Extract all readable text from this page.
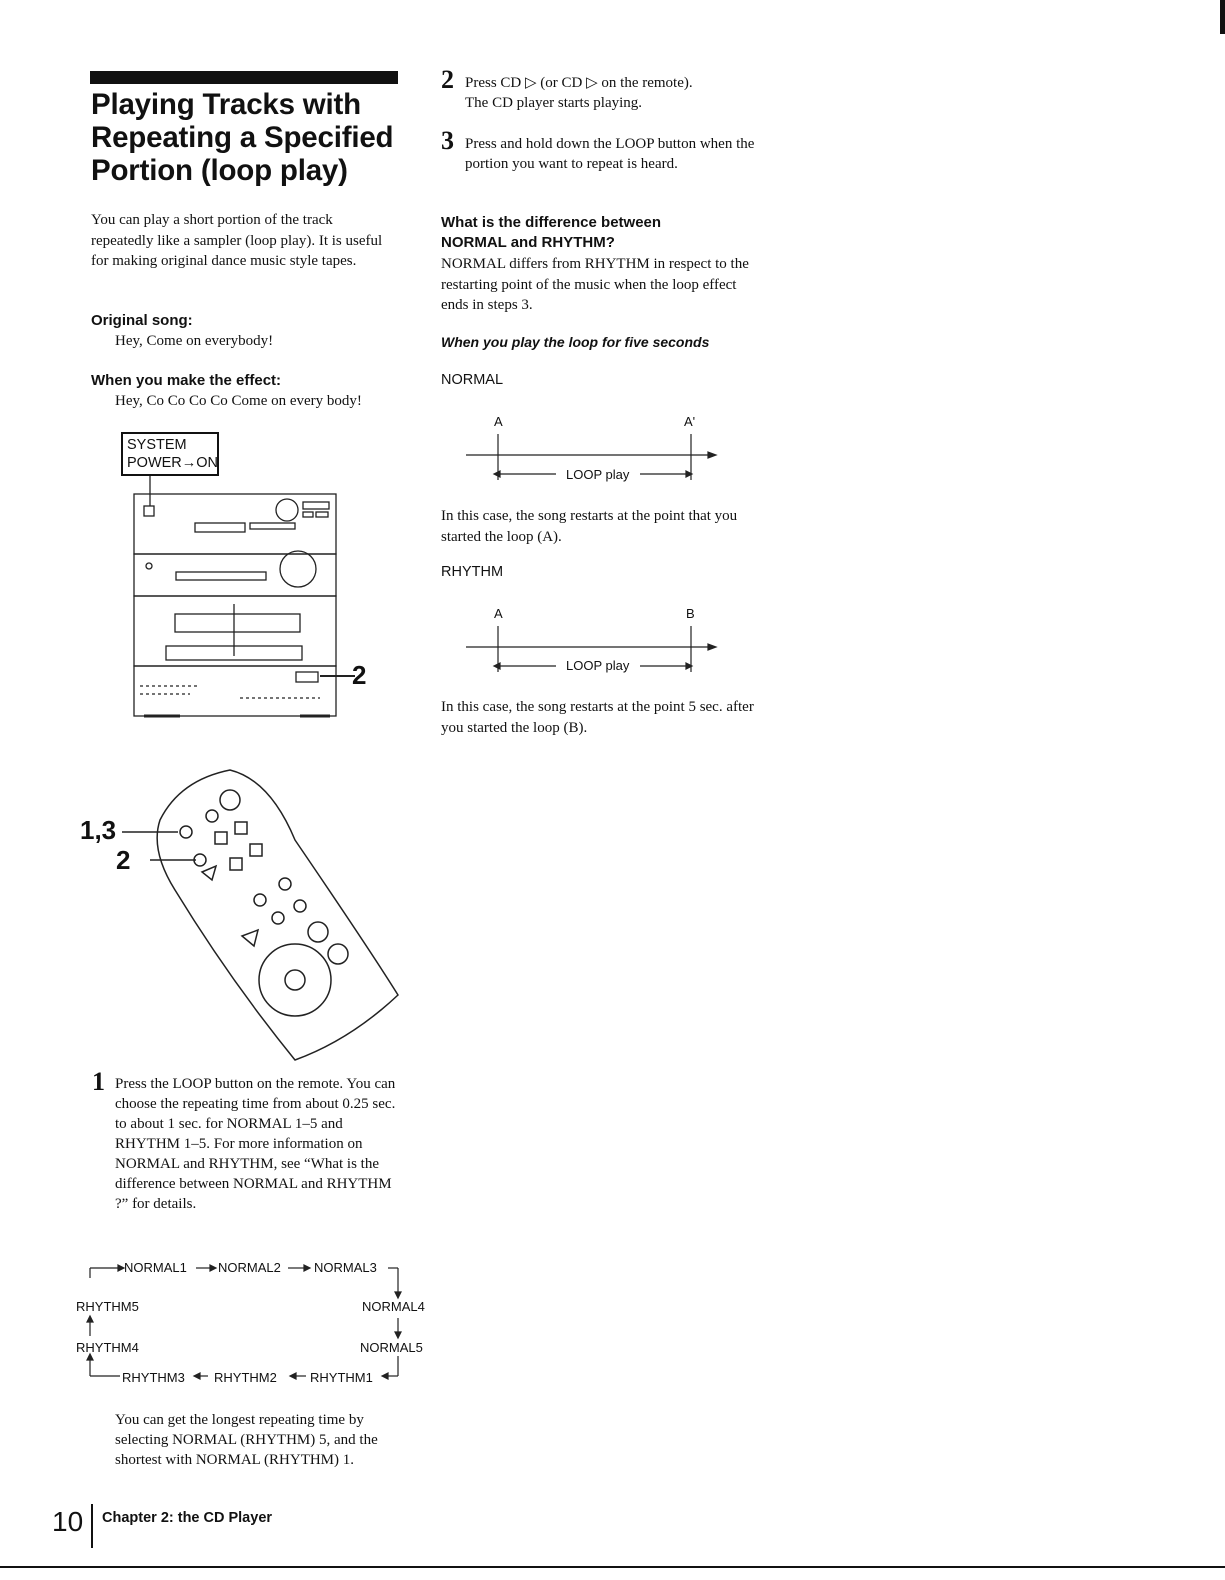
Playing Tracks with Repeating a Specified Portion (loop play)
You can play a short portion of the track repeatedly like a sampler (loop play). It is useful for making original dance music style tapes.
Original song:
Hey, Come on everybody!
When you make the effect:
Hey, Co Co Co Co Come on every body!
SYSTEM
POWER→ON
2
1,3
2
1 Press the LOOP button on the remote. You can choose the repeating time from about 0.25 sec. to about 1 sec. for NORMAL 1–5 and RHYTHM 1–5. For more information on NORMAL and RHYTHM, see “What is the difference between NORMAL and RHYTHM ?” for details.
NORMAL1 NORMAL2	NORMAL3
NORMAL4
NORMAL5
RHYTHM1
RHYTHM2
RHYTHM3
RHYTHM4
RHYTHM5
You can get the longest repeating time by selecting NORMAL (RHYTHM) 5, and the shortest with NORMAL (RHYTHM) 1.
2 Press CD ▷ (or CD ▷ on the remote).
The CD player starts playing.
3 Press and hold down the LOOP button when the portion you want to repeat is heard.
What is the difference between
NORMAL and RHYTHM?
NORMAL differs from RHYTHM in respect to the restarting point of the music when the loop effect ends in steps 3.
When you play the loop for five seconds
NORMAL
A	A'
LOOP play
In this case, the song restarts at the point that you started the loop (A).
RHYTHM
A	B
LOOP play
In this case, the song restarts at the point 5 sec. after you started the loop (B).
10 Chapter 2: the CD Player
